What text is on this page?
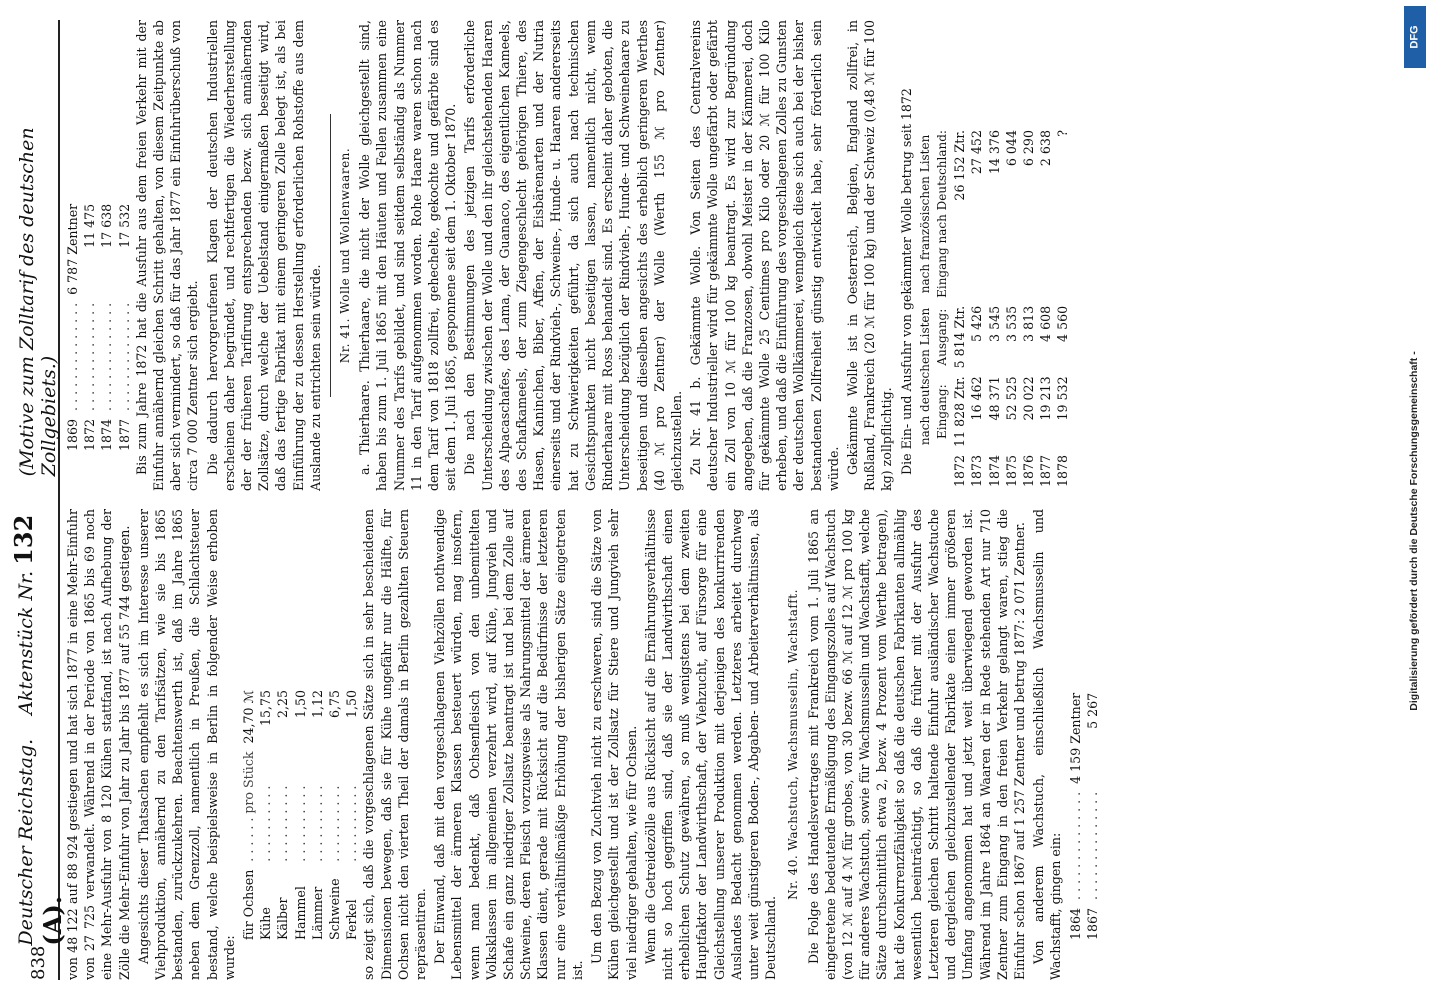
838
Deutscher Reichstag.    Aktenstück Nr. 132 (A).
(Motive zum Zolltarif des deutschen Zollgebiets.)

von 48 122 auf 88 924 gestiegen und hat sich 1877 in eine Mehr-Einfuhr von 27 725 verwandelt. Während in der Periode von 1865 bis 69 noch eine Mehr-Ausfuhr von 8 120 Kühen stattfand, ist nach Aufhebung der Zölle die Mehr-Einfuhr von Jahr zu Jahr bis 1877 auf 55 744 gestiegen. Angesichts dieser Thatsachen empfiehlt es sich im Interesse unserer Viehproduktion, annähernd zu den Tarifsätzen, wie sie bis 1865 bestanden, zurückzukehren. Beachtenswerth ist, daß im Jahre 1865 neben dem Grenzzoll, namentlich in Preußen, die Schlachtsteuer bestand, welche beispielsweise in Berlin in folgender Weise erhoben wurde:

für Ochsen	. . . . . . pro Stück	24,70 ℳ
Kühe	. . . . . . . . . .	15,75
Kälber	. . . . . . . . . .	2,25
Hammel	. . . . . . . . . .	1,50
Lämmer	. . . . . . . . . .	1,12
Schweine	. . . . . . . . . .	6,75
Ferkel	. . . . . . . . . .	1,50 so zeigt sich, daß die vorgeschlagenen Sätze sich in sehr bescheidenen Dimensionen bewegen, daß sie für Kühe ungefähr nur die Hälfte, für Ochsen nicht den vierten Theil der damals in Berlin gezahlten Steuern repräsentiren. Der Einwand, daß mit den vorgeschlagenen Viehzöllen nothwendige Lebensmittel der ärmeren Klassen besteuert würden, mag insofern, wenn man bedenkt, daß Ochsenfleisch von den unbemittelten Volksklassen im allgemeinen verzehrt wird, auf Kühe, Jungvieh und Schafe ein ganz niedriger Zollsatz beantragt ist und bei dem Zolle auf Schweine, deren Fleisch vorzugsweise als Nahrungsmittel der ärmeren Klassen dient, gerade mit Rücksicht auf die Bedürfnisse der letzteren nur eine verhältnißmäßige Erhöhung der bisherigen Sätze eingetreten ist.

Um den Bezug von Zuchtvieh nicht zu erschweren, sind die Sätze von Kühen gleichgestellt und ist der Zollsatz für Stiere und Jungvieh sehr viel niedriger gehalten, wie für Ochsen. Wenn die Getreidezölle aus Rücksicht auf die Ernährungsverhältnisse nicht so hoch gegriffen sind, daß sie der Landwirthschaft einen erheblichen Schutz gewähren, so muß wenigstens bei dem zweiten Hauptfaktor der Landwirthschaft, der Viehzucht, auf Fürsorge für eine Gleichstellung unserer Produktion mit derjenigen des konkurrirenden Auslandes Bedacht genommen werden. Letzteres arbeitet durchweg unter weit günstigeren Boden-, Abgaben- und Arbeiterverhältnissen, als Deutschland.

Nr. 40. Wachstuch, Wachsmusselin, Wachstafft. Die Folge des Handelsvertrages mit Frankreich vom 1. Juli 1865 an eingetretene bedeutende Ermäßigung des Eingangszolles auf Wachstuch (von 12 ℳ auf 4 ℳ für grobes, von 30 bezw. 66 ℳ auf 12 ℳ pro 100 kg für anderes Wachstuch, sowie für Wachsmusselin und Wachstafft, welche Sätze durchschnittlich etwa 2, bezw. 4 Prozent vom Werthe betragen), hat die Konkurrenzfähigkeit so daß die deutschen Fabrikanten allmählig wesentlich beeinträchtigt, so daß die früher mit der Ausfuhr des Letzteren gleichen Schritt haltende Einfuhr ausländischer Wachstuche und dergleichen gleichzustellender Fabrikate einen immer größeren Umfang angenommen hat und jetzt weit überwiegend geworden ist. Während im Jahre 1864 an Waaren der in Rede stehenden Art nur 710 Zentner zum Eingang in den freien Verkehr gelangt waren, stieg die Einfuhr schon 1867 auf 1 257 Zentner und betrug 1877: 2 071 Zentner. Von anderem Wachstuch, einschließlich Wachsmusselin und Wachstafft, gingen ein: 1864	. . . . . . . . . . . . . .	4 159 Zentner
1867	. . . . . . . . . . . . . .	5 267
1869	. . . . . . . . . . . . . .	6 787 Zentner
1872	. . . . . . . . . . . . . .	11 475
1874	. . . . . . . . . . . . . .	17 638
1877	. . . . . . . . . . . . . .	17 532 Bis zum Jahre 1872 hat die Ausfuhr aus dem freien Verkehr mit der Einfuhr annähernd gleichen Schritt gehalten, von diesem Zeitpunkte ab aber sich vermindert, so daß für das Jahr 1877 ein Einfuhrüberschuß von circa 7 000 Zentner sich ergiebt. Die dadurch hervorgerufenen Klagen der deutschen Industriellen erscheinen daher begründet, und rechtfertigen die Wiederherstellung der der früheren Tarifirung entsprechenden bezw. sich annähernden Zollsätze, durch welche der Uebelstand einigermaßen beseitigt wird, daß das fertige Fabrikat mit einem geringeren Zolle belegt ist, als bei Einführung der zu dessen Herstellung erforderlichen Rohstoffe aus dem Auslande zu entrichten sein würde.

Nr. 41. Wolle und Wollenwaaren. a. Thierhaare. Thierhaare, die nicht der Wolle gleichgestellt sind, haben bis zum 1. Juli 1865 mit den Häuten und Fellen zusammen eine Nummer des Tarifs gebildet, und sind seitdem selbständig als Nummer 11 in den Tarif aufgenommen worden. Rohe Haare waren schon nach dem Tarif von 1818 zollfrei, gehechelte, gekochte und gefärbte sind es seit dem 1. Juli 1865, gesponnene seit dem 1. Oktober 1870. Die nach den Bestimmungen des jetzigen Tarifs erforderliche Unterscheidung zwischen der Wolle und den ihr gleichstehenden Haaren des Alpacaschafes, des Lama, der Guanaco, des eigentlichen Kameels, des Schafkameels, der zum Ziegengeschlecht gehörigen Thiere, des Hasen, Kaninchen, Biber, Affen, der Eisbärenarten und der Nutria einerseits und der Rindvieh-, Schweine-, Hunde- u. Haaren andererseits hat zu Schwierigkeiten geführt, da sich auch nach technischen Gesichtspunkten nicht beseitigen lassen, namentlich nicht, wenn Rinderhaare mit Ross behandelt sind. Es erscheint daher geboten, die Unterscheidung bezüglich der Rindvieh-, Hunde- und Schweinehaare zu beseitigen und dieselben angesichts des erheblich geringeren Werthes (40 ℳ pro Zentner) der Wolle (Werth 155 ℳ pro Zentner) gleichzustellen. Zu Nr. 41 b. Gekämmte Wolle. Von Seiten des Centralvereins deutscher Industrieller wird für gekämmte Wolle ungefärbt oder gefärbt ein Zoll von 10 ℳ für 100 kg beantragt. Es wird zur Begründung angegeben, daß die Franzosen, obwohl Meister in der Kämmerei, doch für gekämmte Wolle 25 Centimes pro Kilo oder 20 ℳ für 100 Kilo erheben, und daß die Einführung des vorgeschlagenen Zolles zu Gunsten der deutschen Wollkämmerei, wenngleich diese sich auch bei der bisher bestandenen Zollfreiheit günstig entwickelt habe, sehr förderlich sein würde. Gekämmte Wolle ist in Oesterreich, Belgien, England zollfrei, in Rußland, Frankreich (20 ℳ für 100 kg) und der Schweiz (0,48 ℳ für 100 kg) zollpflichtig. Die Ein- und Ausfuhr von gekämmter Wolle betrug seit 1872

	nach deutschen Listen		nach französischen Listen
	Eingang:	Ausgang:	Eingang nach Deutschland:
1872	11 828 Ztr.	5 814 Ztr.	26 152 Ztr.
1873	16 462	5 426	27 452
1874	48 371	3 545	14 376
1875	52 525	3 535	6 044
1876	20 022	3 813	6 290
1877	19 213	4 608	2 638
1878	19 532	4 560	?
DFG
Digitalisierung gefördert durch die Deutsche Forschungsgemeinschaft -
